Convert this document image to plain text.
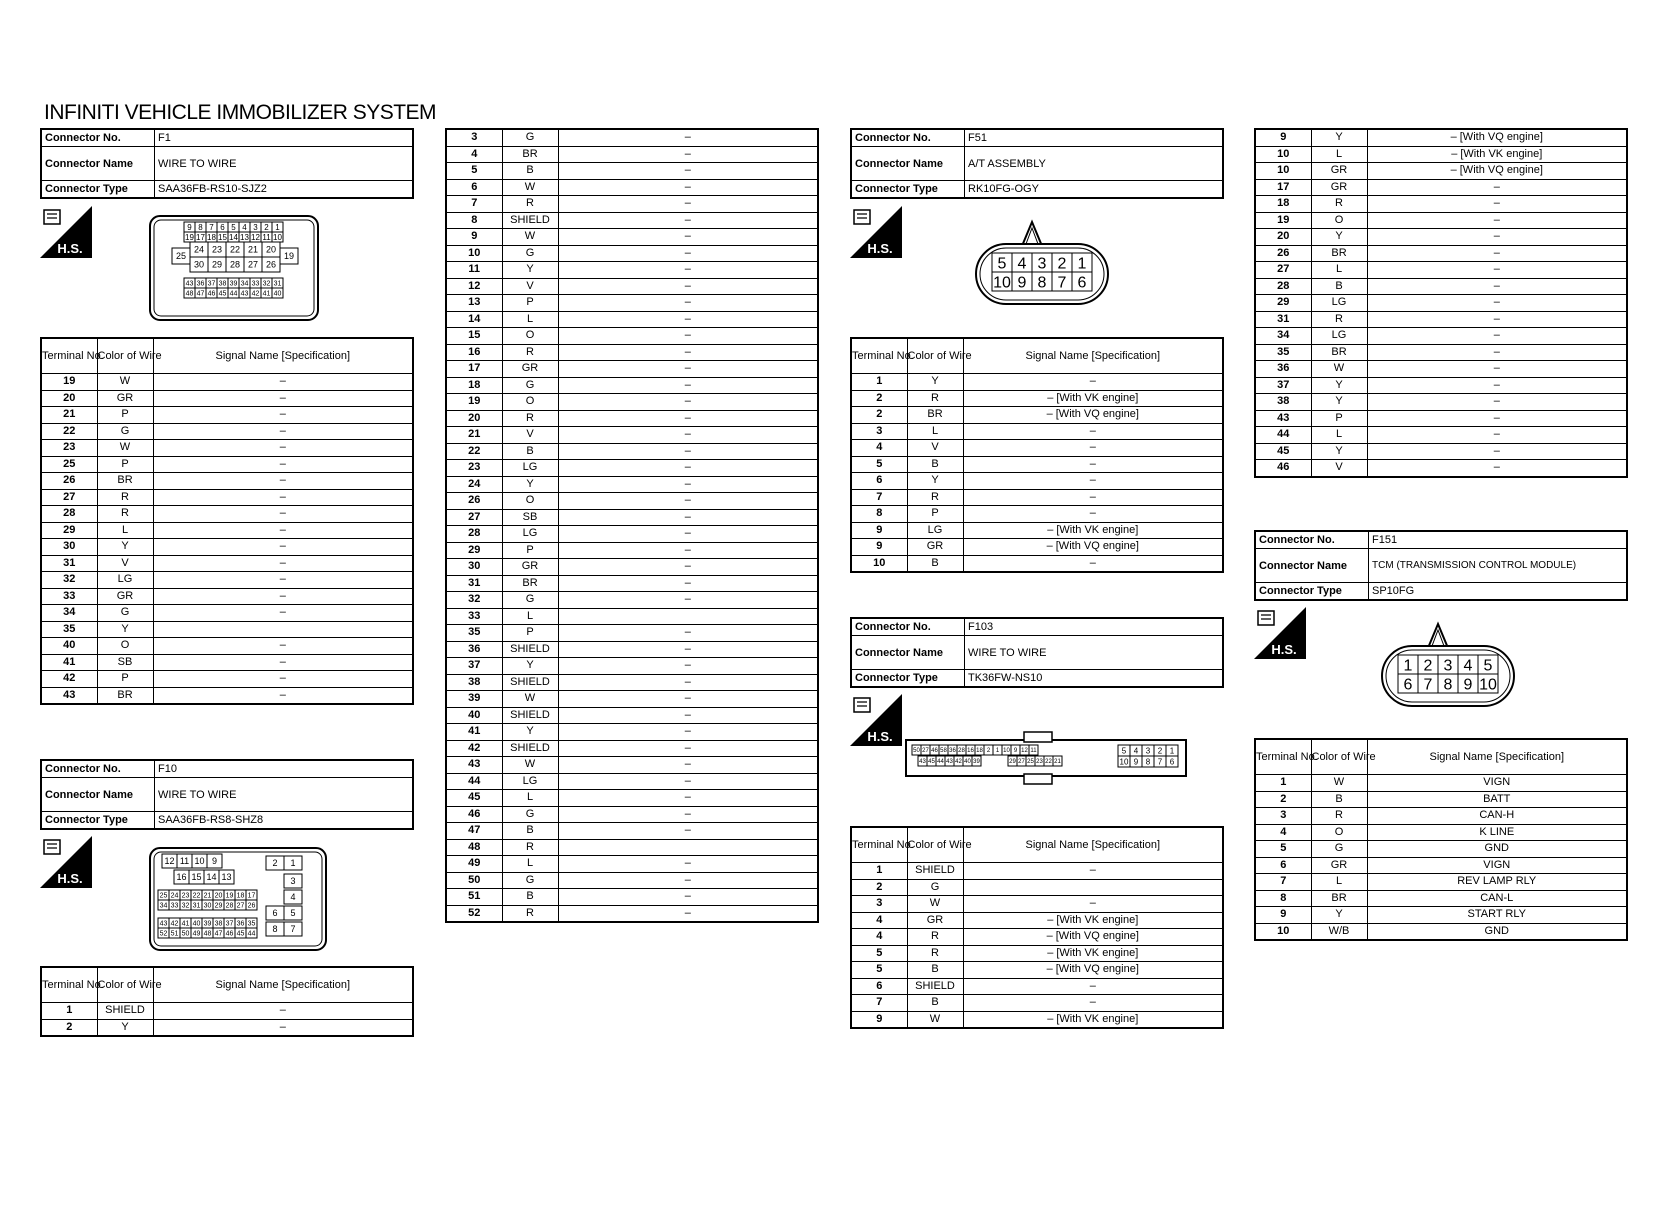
INFINITI VEHICLE IMMOBILIZER SYSTEM
Connector No.	F1
Connector Name	WIRE TO WIRE
Connector Type	SAA36FB-RS10-SJZ2
H.S.
9 8 7 6 5 4 3 2 1
19 17 18 15 14 13 12 11 10
25
24 23 22 21 20
30 29 28 27 26
19
43 36 37 38 39 34 33 32 31
48 47 46 45 44 43 42 41 40
Terminal No.	Color of Wire	Signal Name [Specification]
19	W	–
20	GR	–
21	P	–
22	G	–
23	W	–
25	P	–
26	BR	–
27	R	–
28	R	–
29	L	–
30	Y	–
31	V	–
32	LG	–
33	GR	–
34	G	–
35	Y	
40	O	–
41	SB	–
42	P	–
43	BR	–
Connector No.	F10
Connector Name	WIRE TO WIRE
Connector Type	SAA36FB-RS8-SHZ8
H.S.
12 11 10 9
16 15 14 13
25 24 23 22 21 20 19 18 17
34 33 32 31 30 29 28 27 26
43 42 41 40 39 38 37 36 35
52 51 50 49 48 47 46 45 44
2 1
3
4
6 5
8 7
Terminal No.	Color of Wire	Signal Name [Specification]
1	SHIELD	–
2	Y	–
3	G	–
4	BR	–
5	B	–
6	W	–
7	R	–
8	SHIELD	–
9	W	–
10	G	–
11	Y	–
12	V	–
13	P	–
14	L	–
15	O	–
16	R	–
17	GR	–
18	G	–
19	O	–
20	R	–
21	V	–
22	B	–
23	LG	–
24	Y	–
26	O	–
27	SB	–
28	LG	–
29	P	–
30	GR	–
31	BR	–
32	G	–
33	L	
35	P	–
36	SHIELD	–
37	Y	–
38	SHIELD	–
39	W	–
40	SHIELD	–
41	Y	–
42	SHIELD	–
43	W	–
44	LG	–
45	L	–
46	G	–
47	B	–
48	R	
49	L	–
50	G	–
51	B	–
52	R	–
Connector No.	F51
Connector Name	A/T ASSEMBLY
Connector Type	RK10FG-OGY
H.S.
5 4 3 2 1
10 9 8 7 6
Terminal No.	Color of Wire	Signal Name [Specification]
1	Y	–
2	R	– [With VK engine]
2	BR	– [With VQ engine]
3	L	–
4	V	–
5	B	–
6	Y	–
7	R	–
8	P	–
9	LG	– [With VK engine]
9	GR	– [With VQ engine]
10	B	–
Connector No.	F103
Connector Name	WIRE TO WIRE
Connector Type	TK36FW-NS10
H.S.
50 27 46 58 36 28 16 18 2 1 10 9 12 11
43 45 44 43 42 40 39	29 27 25 23 22 21
5 4 3 2 1
10 9 8 7 6
Terminal No.	Color of Wire	Signal Name [Specification]
1	SHIELD	–
2	G	
3	W	–
4	GR	– [With VK engine]
4	R	– [With VQ engine]
5	R	– [With VK engine]
5	B	– [With VQ engine]
6	SHIELD	–
7	B	–
9	W	– [With VK engine]
9	Y	– [With VQ engine]
10	L	– [With VK engine]
10	GR	– [With VQ engine]
17	GR	–
18	R	–
19	O	–
20	Y	–
26	BR	–
27	L	–
28	B	–
29	LG	–
31	R	–
34	LG	–
35	BR	–
36	W	–
37	Y	–
38	Y	–
43	P	–
44	L	–
45	Y	–
46	V	–
Connector No.	F151
Connector Name	TCM (TRANSMISSION CONTROL MODULE)
Connector Type	SP10FG
H.S.
1 2 3 4 5
6 7 8 9 10
Terminal No.	Color of Wire	Signal Name [Specification]
1	W	VIGN
2	B	BATT
3	R	CAN-H
4	O	K LINE
5	G	GND
6	GR	VIGN
7	L	REV LAMP RLY
8	BR	CAN-L
9	Y	START RLY
10	W/B	GND
